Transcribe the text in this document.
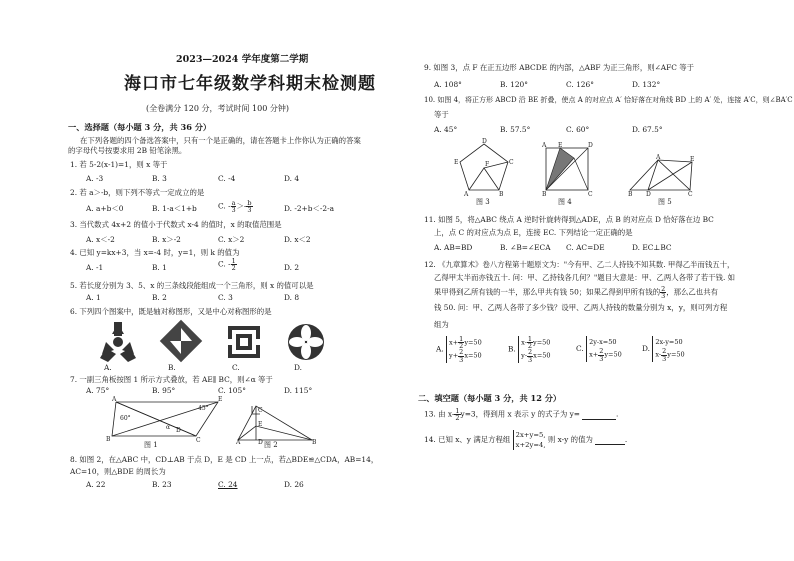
2023—2024 学年度第二学期
海口市七年级数学科期末检测题
(全卷满分 120 分，考试时间 100 分钟)
一、选择题（每小题 3 分，共 36 分）
在下列各题的四个备选答案中，只有一个是正确的，请在答题卡上作你认为正确的答案
的字母代号按要求用 2B 铅笔涂黑。
1. 若 5-2(x-1)=1，则 x 等于
A. -3	B. 3	C. -4	D. 4
2. 若 a＞-b，则下列不等式一定成立的是
A. a+b＜0	B. 1-a＜1+b	C. - $\frac{a}{3} >- \frac{b}{3}$	D. -2+b＜-2-a
3. 当代数式 4x+2 的值小于代数式 x-4 的值时，x 的取值范围是
A. x＜-2	B. x＞-2	C. x＞2	D. x＜2
4. 已知 y=kx+3，当 x=-4 时，y=1，则 k 的值为
A. -1	B. 1	C. - $\frac{1}{2}$	D. 2
5. 若长度分别为 3、5、x 的三条线段能组成一个三角形，则 x 的值可以是
A. 1	B. 2	C. 3	D. 8
6. 下列四个图案中，既是轴对称图形，又是中心对称图形的是
A.	B.	C.	D.
7. 一副三角板按图 1 所示方式叠放，若 AE∥ BC，则∠α 等于
A. 75°	B. 95°	C. 105°	D. 115°
A	E
B	C
D
α
60°
45°
图 1
C
A	B
D
E
图 2
8. 如图 2，在△ABC 中，CD⊥AB 于点 D，E 是 CD 上一点，若△BDE≌△CDA，AB=14，
AC=10，则△BDE 的周长为
A. 22	B. 23	C. 24	D. 26
9. 如图 3，点 F 在正五边形 ABCDE 的内部，△ABF 为正三角形，则∠AFC 等于
A. 108°	B. 120°	C. 126°	D. 132°
10. 如图 4，将正方形 ABCD 沿 BE 折叠，使点 A 的对应点 A′ 恰好落在对角线 BD 上的 A′ 处，连接 A′C，则∠BA′C
等于
A. 45°	B. 57.5°	C. 60°	D. 67.5°
D
C
E
A	B
F
图 3
A E	D
B	C
图 4
A
B D	C
E
图 5
11. 如图 5，将△ABC 绕点 A 逆时针旋转得到△ADE，点 B 的对应点 D 恰好落在边 BC
上，点 C 的对应点为点 E，连接 EC. 下列结论一定正确的是
A. AB=BD	B. ∠B=∠ECA	C. AC=DE	D. EC⊥BC
12. 《九章算术》卷八方程第十题原文为："今有甲、乙二人持钱不知其数. 甲得乙半而钱五十，
乙得甲太半而亦钱五十. 问：甲、乙持钱各几何？"题目大意是：甲、乙两人各带了若干钱. 如
果甲得到乙所有钱的一半，那么甲共有钱 50；如果乙得到甲所有钱的 $\frac{2}{3}$ ，那么乙也共有
钱 50. 问：甲、乙两人各带了多少钱？设甲、乙两人持钱的数量分别为 x，y，则可列方程
组为
A. $x+ \frac{1}{2} y=50$
$y+ \frac{2}{3} x=50$
B. $x- \frac{1}{2} y=50$
$y- \frac{2}{3} x=50$
C. 2y-x=50
$x+ \frac{2}{3} y=50$
D. 2x-y=50
$x- \frac{2}{3} y=50$
二、填空题（每小题 3 分，共 12 分）
13. 由 $x- \frac{1}{2} y=3$，得到用 x 表示 y 的式子为 y=	.
14. 已知 x、y 满足方程组 2x+y=5,
x+2y=4, 则 x-y 的值为	.
